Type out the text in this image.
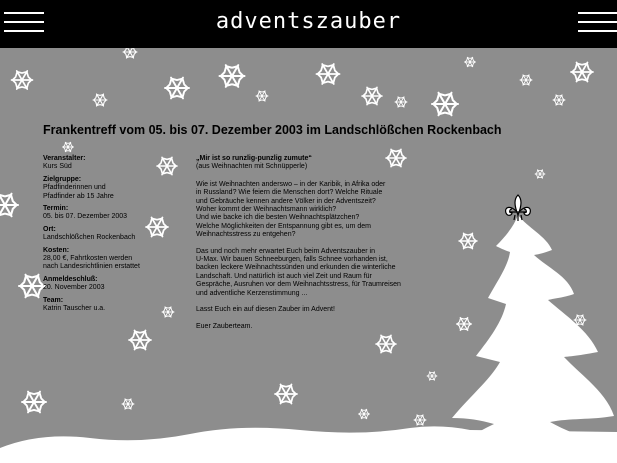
adventszauber
Frankentreff vom 05. bis 07. Dezember 2003 im Landschlößchen Rockenbach
Veranstalter:
Kurs Süd
Zielgruppe:
Pfadfinderinnen und
Pfadfinder ab 15 Jahre
Termin:
05. bis 07. Dezember 2003
Ort:
Landschlößchen Rockenbach
Kosten:
28,00 €, Fahrtkosten werden
nach Landesrichtlinien erstattet
Anmeldeschluß:
20. November 2003
Team:
Katrin Tauscher u.a.
„Mir ist so runzlig-punzlig zumute“
(aus Weihnachten mit Schnüpperle)

Wie ist Weihnachten anderswo – in der Karibik, in Afrika oder
in Russland? Wie feiern die Menschen dort? Welche Rituale
und Gebräuche kennen andere Völker in der Adventszeit?
Woher kommt der Weihnachtsmann wirklich?
Und wie backe ich die besten Weihnachtsplätzchen?
Welche Möglichkeiten der Entspannung gibt es, um dem
Weihnachtsstress zu entgehen?

Das und noch mehr erwartet Euch beim Adventszauber in
U-Max. Wir bauen Schneeburgen, falls Schnee vorhanden ist,
backen leckere Weihnachtssünden und erkunden die winterliche
Landschaft. Und natürlich ist auch viel Zeit und Raum für
Gespräche, Ausruhen vor dem Weihnachtsstress, für Traumreisen
und adventliche Kerzenstimmung ...

Lasst Euch ein auf diesen Zauber im Advent!

Euer Zauberteam.
